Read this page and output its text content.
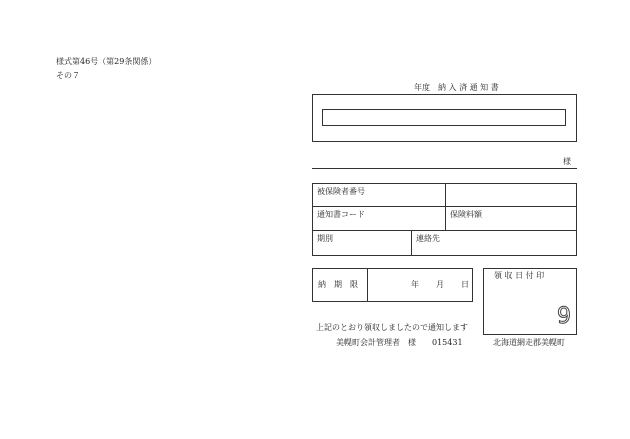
様式第46号（第29条関係）
その７
年度　納 入 済 通 知 書
様
被保険者番号
通知書コード	保険料額
期別	連絡先
納　期　限	年 月 日
領 収 日 付 印
9
上記のとおり領収しましたので通知します
美幌町会計管理者　様　　015431	北海道網走郡美幌町
